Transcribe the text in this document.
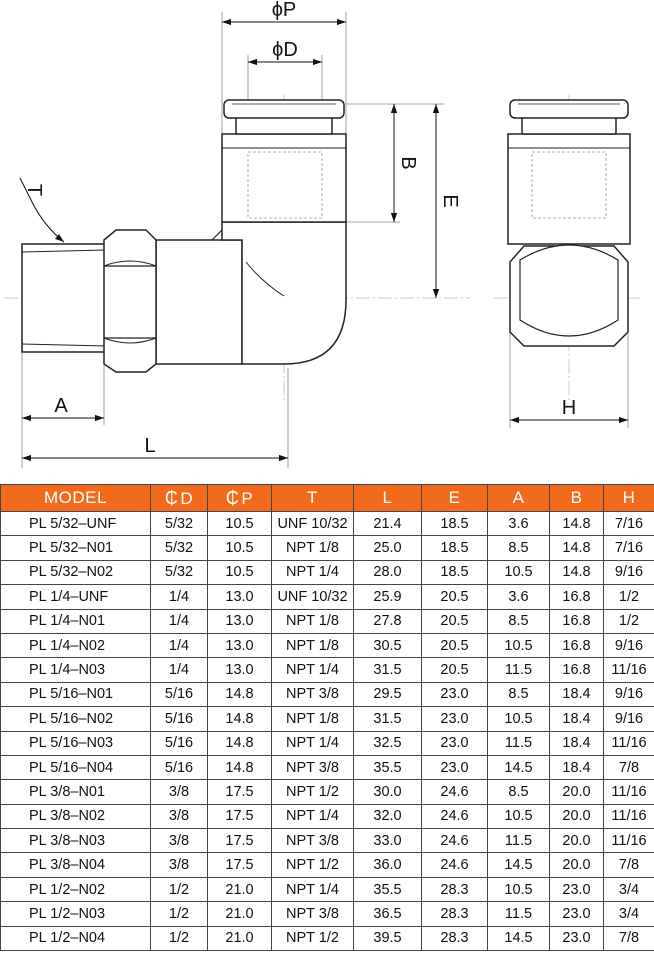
ϕP
ϕD
B
E
T
A
L
H
MODEL	₵ D	₵ P	T	L	E	A	B	H
PL 5/32–UNF	5/32	10.5	UNF 10/32	21.4	18.5	3.6	14.8	7/16
PL 5/32–N01	5/32	10.5	NPT 1/8	25.0	18.5	8.5	14.8	7/16
PL 5/32–N02	5/32	10.5	NPT 1/4	28.0	18.5	10.5	14.8	9/16
PL 1/4–UNF	1/4	13.0	UNF 10/32	25.9	20.5	3.6	16.8	1/2
PL 1/4–N01	1/4	13.0	NPT 1/8	27.8	20.5	8.5	16.8	1/2
PL 1/4–N02	1/4	13.0	NPT 1/8	30.5	20.5	10.5	16.8	9/16
PL 1/4–N03	1/4	13.0	NPT 1/4	31.5	20.5	11.5	16.8	11/16
PL 5/16–N01	5/16	14.8	NPT 3/8	29.5	23.0	8.5	18.4	9/16
PL 5/16–N02	5/16	14.8	NPT 1/8	31.5	23.0	10.5	18.4	9/16
PL 5/16–N03	5/16	14.8	NPT 1/4	32.5	23.0	11.5	18.4	11/16
PL 5/16–N04	5/16	14.8	NPT 3/8	35.5	23.0	14.5	18.4	7/8
PL 3/8–N01	3/8	17.5	NPT 1/2	30.0	24.6	8.5	20.0	11/16
PL 3/8–N02	3/8	17.5	NPT 1/4	32.0	24.6	10.5	20.0	11/16
PL 3/8–N03	3/8	17.5	NPT 3/8	33.0	24.6	11.5	20.0	11/16
PL 3/8–N04	3/8	17.5	NPT 1/2	36.0	24.6	14.5	20.0	7/8
PL 1/2–N02	1/2	21.0	NPT 1/4	35.5	28.3	10.5	23.0	3/4
PL 1/2–N03	1/2	21.0	NPT 3/8	36.5	28.3	11.5	23.0	3/4
PL 1/2–N04	1/2	21.0	NPT 1/2	39.5	28.3	14.5	23.0	7/8
